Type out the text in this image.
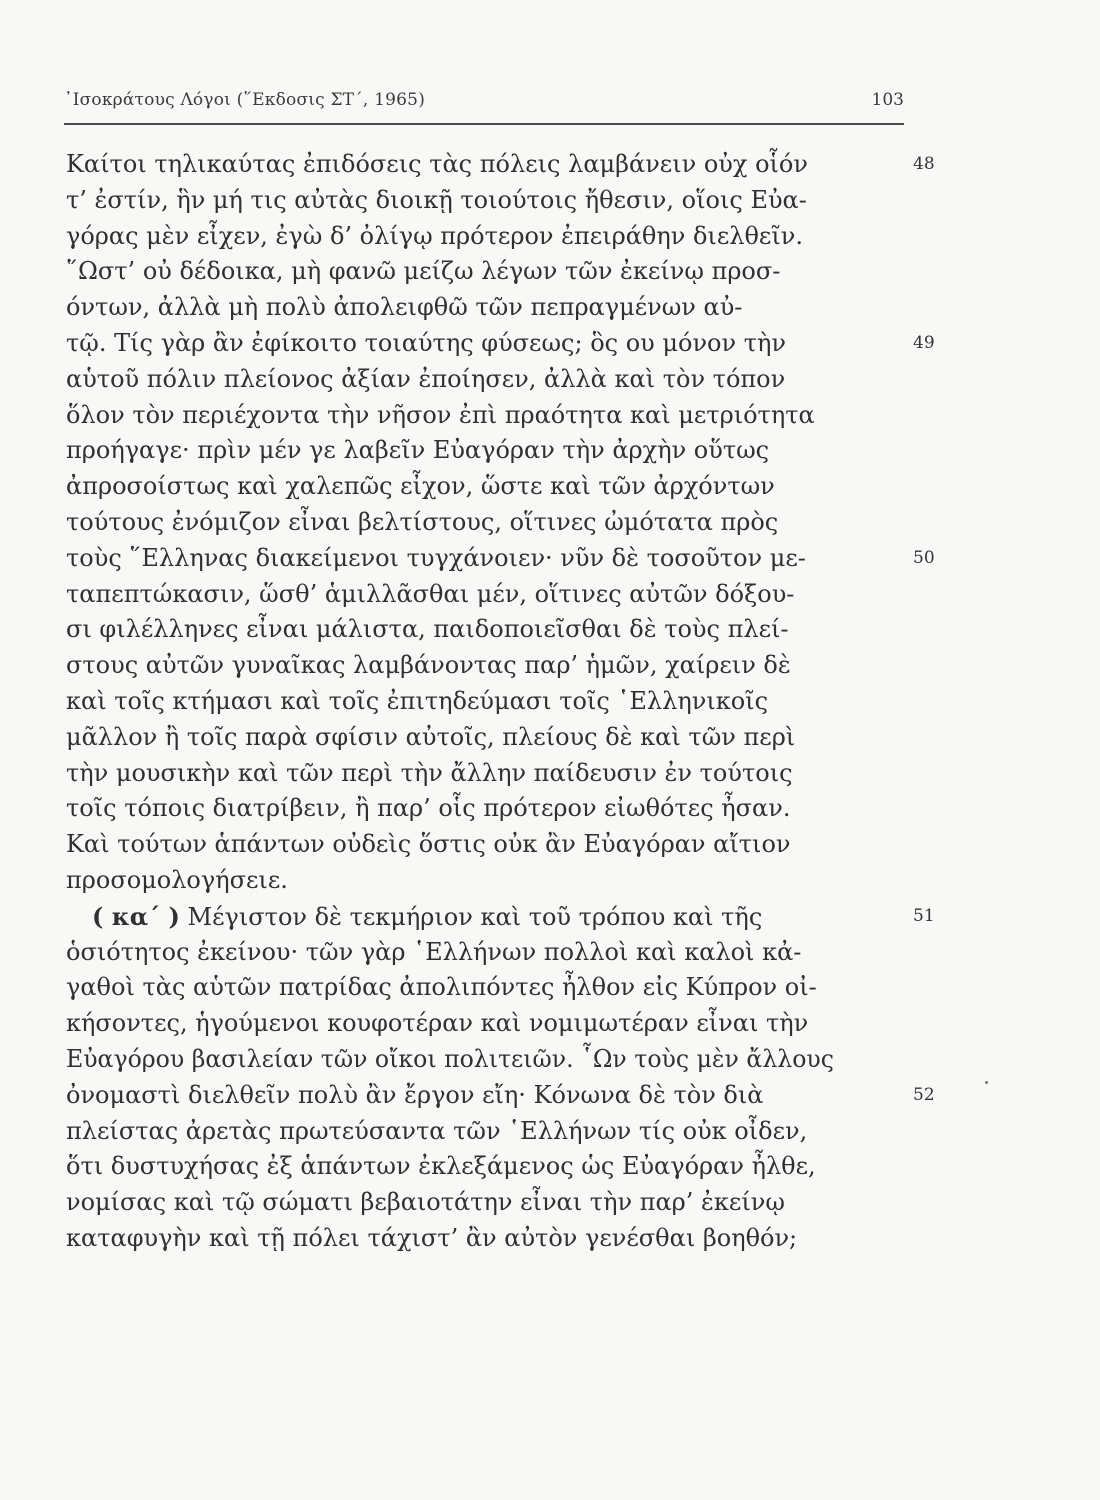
᾿Ισοκράτους Λόγοι (῞Εκδοσις ΣΤ΄, 1965)	103
Καίτοι τηλικαύτας ἐπιδόσεις τὰς πόλεις λαμβάνειν οὐχ οἷόν	48
τ’ ἐστίν, ἣν μή τις αὐτὰς διοικῇ τοιούτοις ἤθεσιν, οἵοις Εὐα-
γόρας μὲν εἶχεν, ἐγὼ δ’ ὀλίγῳ πρότερον ἐπειράθην διελθεῖν.
῞Ωστ’ οὐ δέδοικα, μὴ φανῶ μείζω λέγων τῶν ἐκείνῳ προσ-
όντων, ἀλλὰ μὴ πολὺ ἀπολειφθῶ τῶν πεπραγμένων αὐ-
τῷ. Τίς γὰρ ἂν ἐφίκοιτο τοιαύτης φύσεως; ὃς ου μόνον τὴν	49
αὑτοῦ πόλιν πλείονος ἀξίαν ἐποίησεν, ἀλλὰ καὶ τὸν τόπον
ὅλον τὸν περιέχοντα τὴν νῆσον ἐπὶ πραότητα καὶ μετριότητα
προήγαγε· πρὶν μέν γε λαβεῖν Εὐαγόραν τὴν ἀρχὴν οὕτως
ἀπροσοίστως καὶ χαλεπῶς εἶχον, ὥστε καὶ τῶν ἀρχόντων
τούτους ἐνόμιζον εἶναι βελτίστους, οἵτινες ὠμότατα πρὸς
τοὺς ῞Ελληνας διακείμενοι τυγχάνοιεν· νῦν δὲ τοσοῦτον με-	50
ταπεπτώκασιν, ὥσθ’ ἁμιλλᾶσθαι μέν, οἵτινες αὐτῶν δόξου-
σι φιλέλληνες εἶναι μάλιστα, παιδοποιεῖσθαι δὲ τοὺς πλεί-
στους αὐτῶν γυναῖκας λαμβάνοντας παρ’ ἡμῶν, χαίρειν δὲ
καὶ τοῖς κτήμασι καὶ τοῖς ἐπιτηδεύμασι τοῖς ῾Ελληνικοῖς
μᾶλλον ἢ τοῖς παρὰ σφίσιν αὐτοῖς, πλείους δὲ καὶ τῶν περὶ
τὴν μουσικὴν καὶ τῶν περὶ τὴν ἄλλην παίδευσιν ἐν τούτοις
τοῖς τόποις διατρίβειν, ἢ παρ’ οἷς πρότερον εἰωθότες ἦσαν.
Καὶ τούτων ἁπάντων οὐδεὶς ὅστις οὐκ ἂν Εὐαγόραν αἴτιον
προσομολογήσειε.
( κα΄ ) Μέγιστον δὲ τεκμήριον καὶ τοῦ τρόπου καὶ τῆς	51
ὁσιότητος ἐκείνου· τῶν γὰρ ῾Ελλήνων πολλοὶ καὶ καλοὶ κἀ-
γαθοὶ τὰς αὑτῶν πατρίδας ἀπολιπόντες ἦλθον εἰς Κύπρον οἰ-
κήσοντες, ἡγούμενοι κουφοτέραν καὶ νομιμωτέραν εἶναι τὴν
Εὐαγόρου βασιλείαν τῶν οἴκοι πολιτειῶν. ῟Ων τοὺς μὲν ἄλλους
ὀνομαστὶ διελθεῖν πολὺ ἂν ἔργον εἴη· Κόνωνα δὲ τὸν διὰ	52
πλείστας ἀρετὰς πρωτεύσαντα τῶν ῾Ελλήνων τίς οὐκ οἶδεν,
ὅτι δυστυχήσας ἐξ ἁπάντων ἐκλεξάμενος ὡς Εὐαγόραν ἦλθε,
νομίσας καὶ τῷ σώματι βεβαιοτάτην εἶναι τὴν παρ’ ἐκείνῳ
καταφυγὴν καὶ τῇ πόλει τάχιστ’ ἂν αὐτὸν γενέσθαι βοηθόν;
